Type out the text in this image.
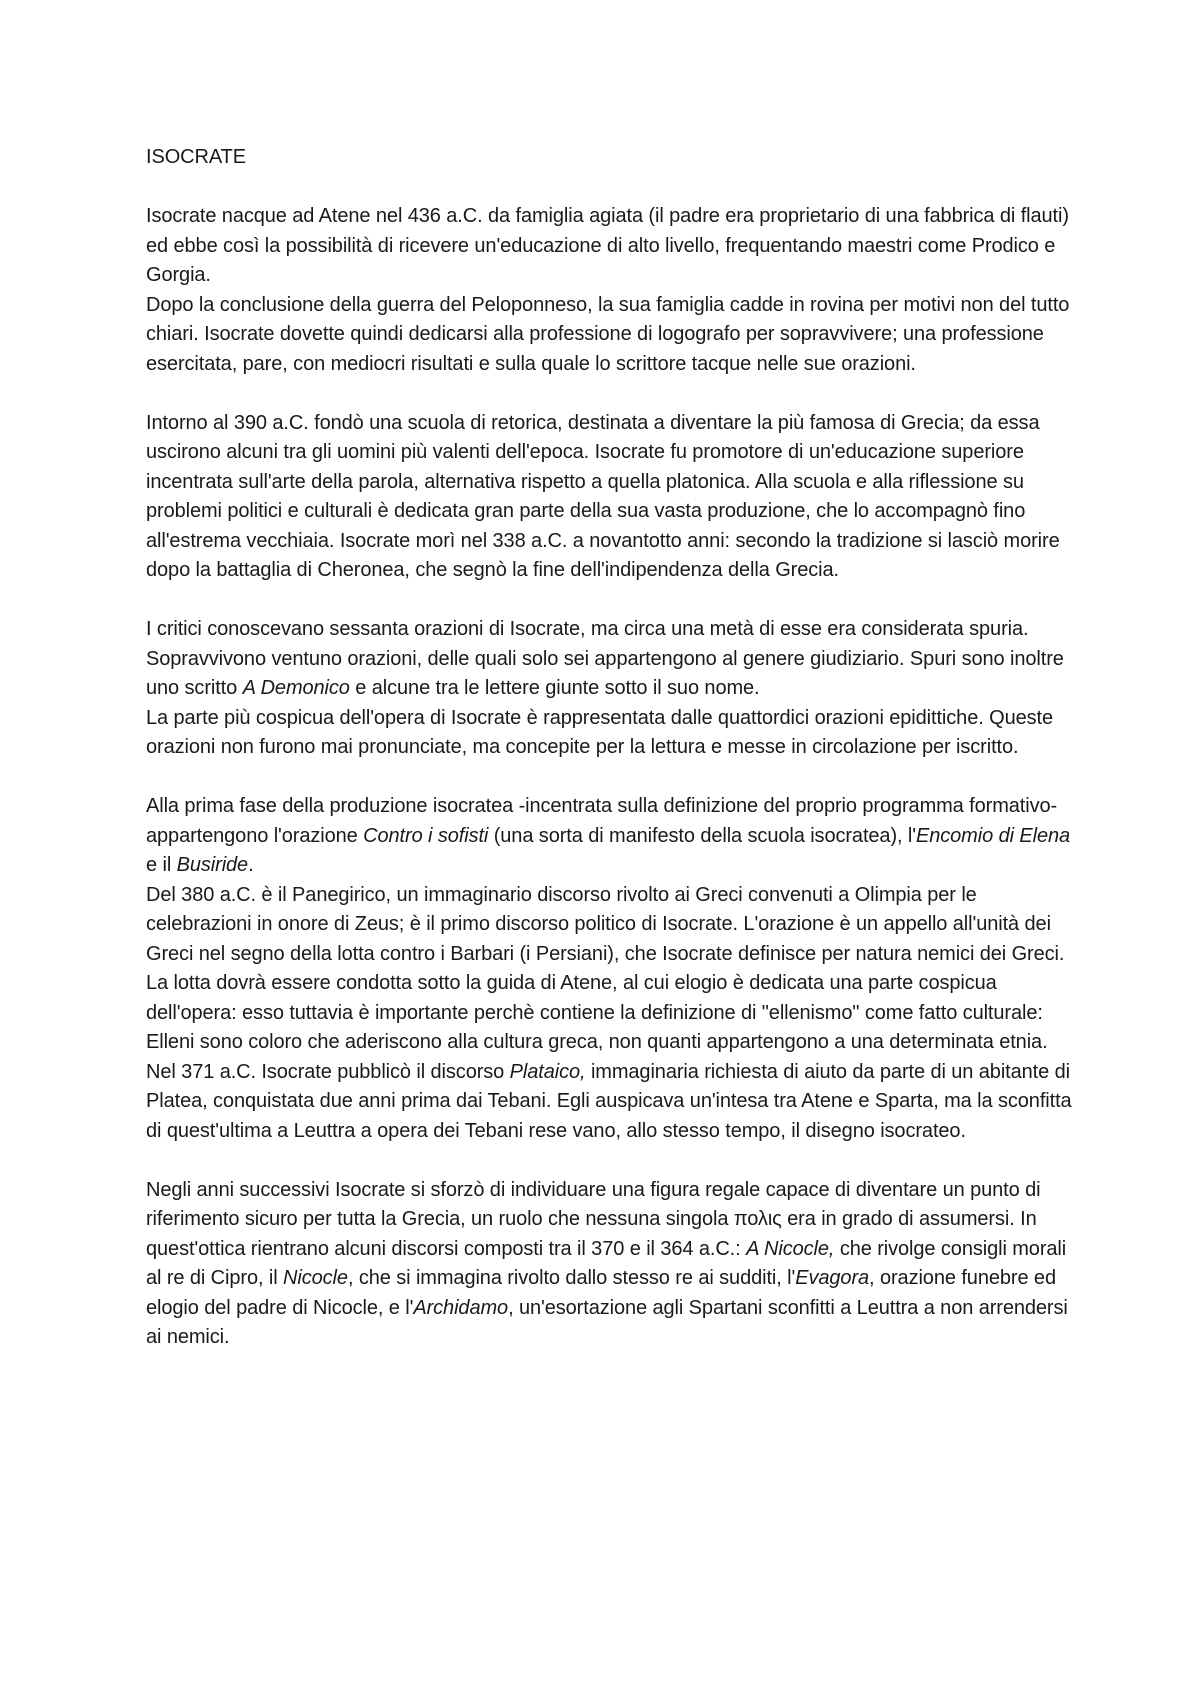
ISOCRATE

Isocrate nacque ad Atene nel 436 a.C. da famiglia agiata (il padre era proprietario di una fabbrica di flauti) ed ebbe così la possibilità di ricevere un'educazione di alto livello, frequentando maestri come Prodico e Gorgia.

Dopo la conclusione della guerra del Peloponneso, la sua famiglia cadde in rovina per motivi non del tutto chiari. Isocrate dovette quindi dedicarsi alla professione di logografo per sopravvivere; una professione esercitata, pare, con mediocri risultati e sulla quale lo scrittore tacque nelle sue orazioni.

Intorno al 390 a.C. fondò una scuola di retorica, destinata a diventare la più famosa di Grecia; da essa uscirono alcuni tra gli uomini più valenti dell'epoca. Isocrate fu promotore di un'educazione superiore incentrata sull'arte della parola, alternativa rispetto a quella platonica. Alla scuola e alla riflessione su problemi politici e culturali è dedicata gran parte della sua vasta produzione, che lo accompagnò fino all'estrema vecchiaia. Isocrate morì nel 338 a.C. a novantotto anni: secondo la tradizione si lasciò morire dopo la battaglia di Cheronea, che segnò la fine dell'indipendenza della Grecia.

I critici conoscevano sessanta orazioni di Isocrate, ma circa una metà di esse era considerata spuria. Sopravvivono ventuno orazioni, delle quali solo sei appartengono al genere giudiziario. Spuri sono inoltre uno scritto A Demonico e alcune tra le lettere giunte sotto il suo nome.

La parte più cospicua dell'opera di Isocrate è rappresentata dalle quattordici orazioni epidittiche. Queste orazioni non furono mai pronunciate, ma concepite per la lettura e messe in circolazione per iscritto.

Alla prima fase della produzione isocratea -incentrata sulla definizione del proprio programma formativo- appartengono l'orazione Contro i sofisti (una sorta di manifesto della scuola isocratea), l'Encomio di Elena e il Busiride.

Del 380 a.C. è il Panegirico, un immaginario discorso rivolto ai Greci convenuti a Olimpia per le celebrazioni in onore di Zeus; è il primo discorso politico di Isocrate. L'orazione è un appello all'unità dei Greci nel segno della lotta contro i Barbari (i Persiani), che Isocrate definisce per natura nemici dei Greci. La lotta dovrà essere condotta sotto la guida di Atene, al cui elogio è dedicata una parte cospicua dell'opera: esso tuttavia è importante perchè contiene la definizione di "ellenismo" come fatto culturale: Elleni sono coloro che aderiscono alla cultura greca, non quanti appartengono a una determinata etnia.

Nel 371 a.C. Isocrate pubblicò il discorso Plataico, immaginaria richiesta di aiuto da parte di un abitante di Platea, conquistata due anni prima dai Tebani. Egli auspicava un'intesa tra Atene e Sparta, ma la sconfitta di quest'ultima a Leuttra a opera dei Tebani rese vano, allo stesso tempo, il disegno isocrateo.

Negli anni successivi Isocrate si sforzò di individuare una figura regale capace di diventare un punto di riferimento sicuro per tutta la Grecia, un ruolo che nessuna singola πολις era in grado di assumersi. In quest'ottica rientrano alcuni discorsi composti tra il 370 e il 364 a.C.: A Nicocle, che rivolge consigli morali al re di Cipro, il Nicocle, che si immagina rivolto dallo stesso re ai sudditi, l'Evagora, orazione funebre ed elogio del padre di Nicocle, e l'Archidamo, un'esortazione agli Spartani sconfitti a Leuttra a non arrendersi ai nemici.
